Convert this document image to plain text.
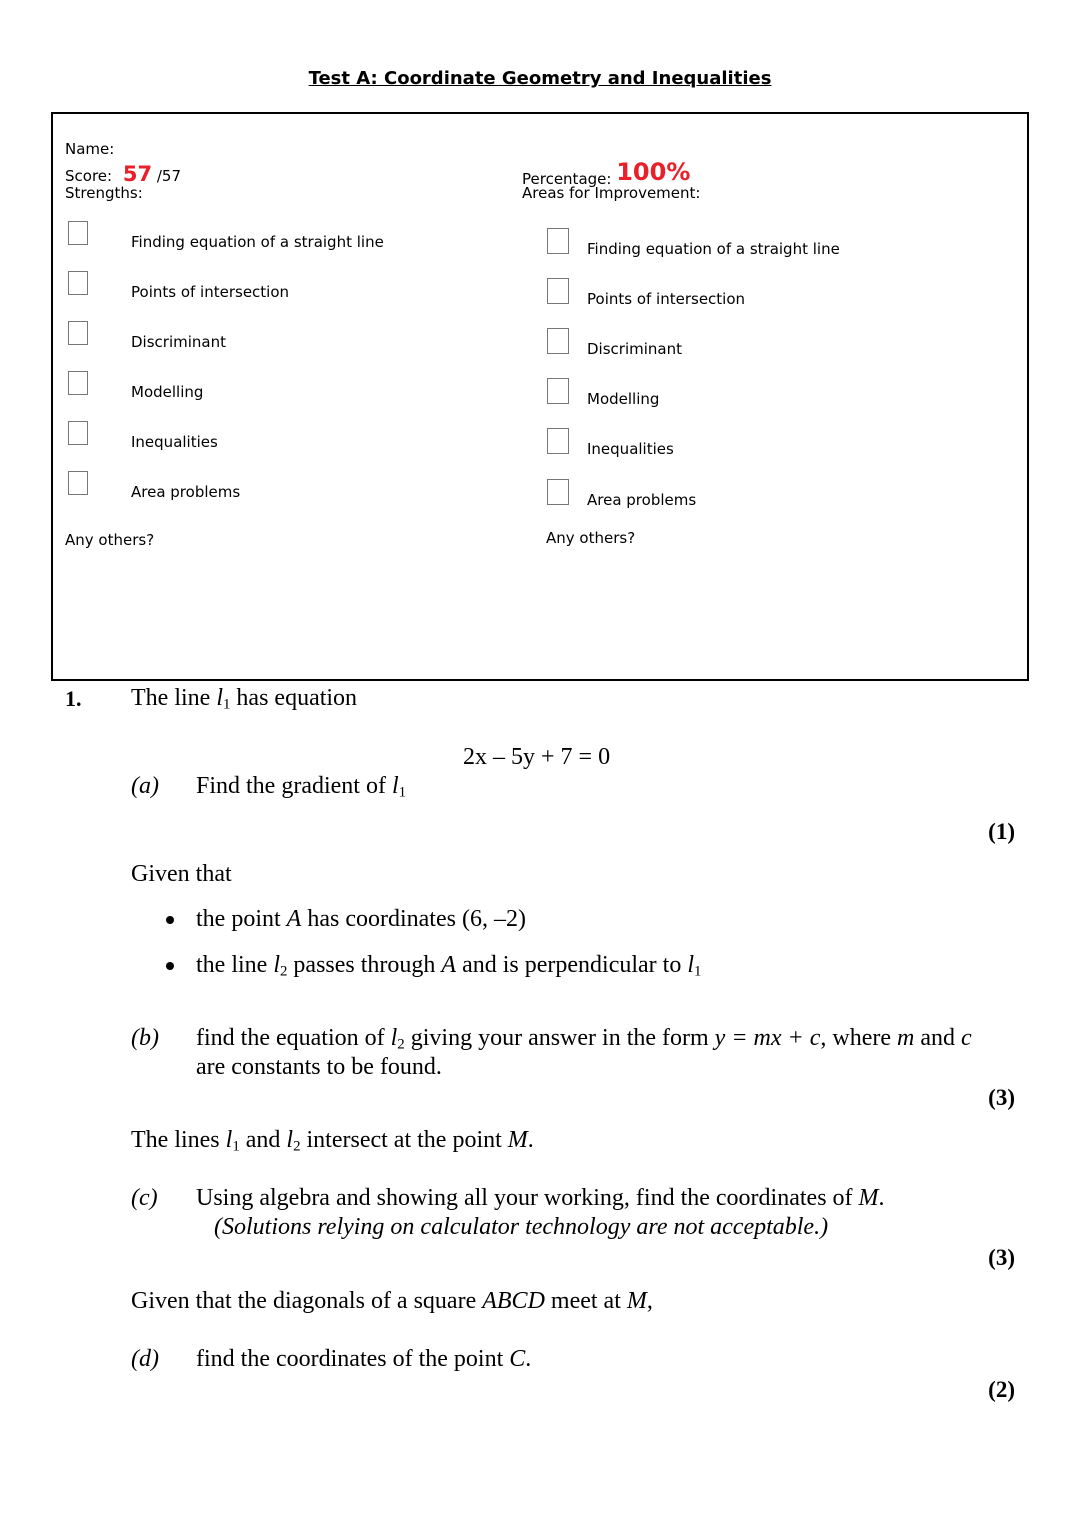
Test A: Coordinate Geometry and Inequalities
Name:
Score: 57 /57
Strengths:
Percentage: 100%
Areas for Improvement:
Finding equation of a straight line
Points of intersection
Discriminant
Modelling
Inequalities
Area problems
Any others?
Finding equation of a straight line
Points of intersection
Discriminant
Modelling
Inequalities
Area problems
Any others?
1. The line $l_1$ has equation
2x – 5y + 7 = 0
(a) Find the gradient of $l_1$
(1)
Given that
the point A has coordinates (6, –2)
the line $l_2$ passes through A and is perpendicular to $l_1$
(b) find the equation of $l_2$ giving your answer in the form y = mx + c, where m and c
are constants to be found.
(3)
The lines $l_1$ and $l_2$ intersect at the point M.
(c) Using algebra and showing all your working, find the coordinates of M.
(Solutions relying on calculator technology are not acceptable.)
(3)
Given that the diagonals of a square ABCD meet at M,
(d) find the coordinates of the point C.
(2)
